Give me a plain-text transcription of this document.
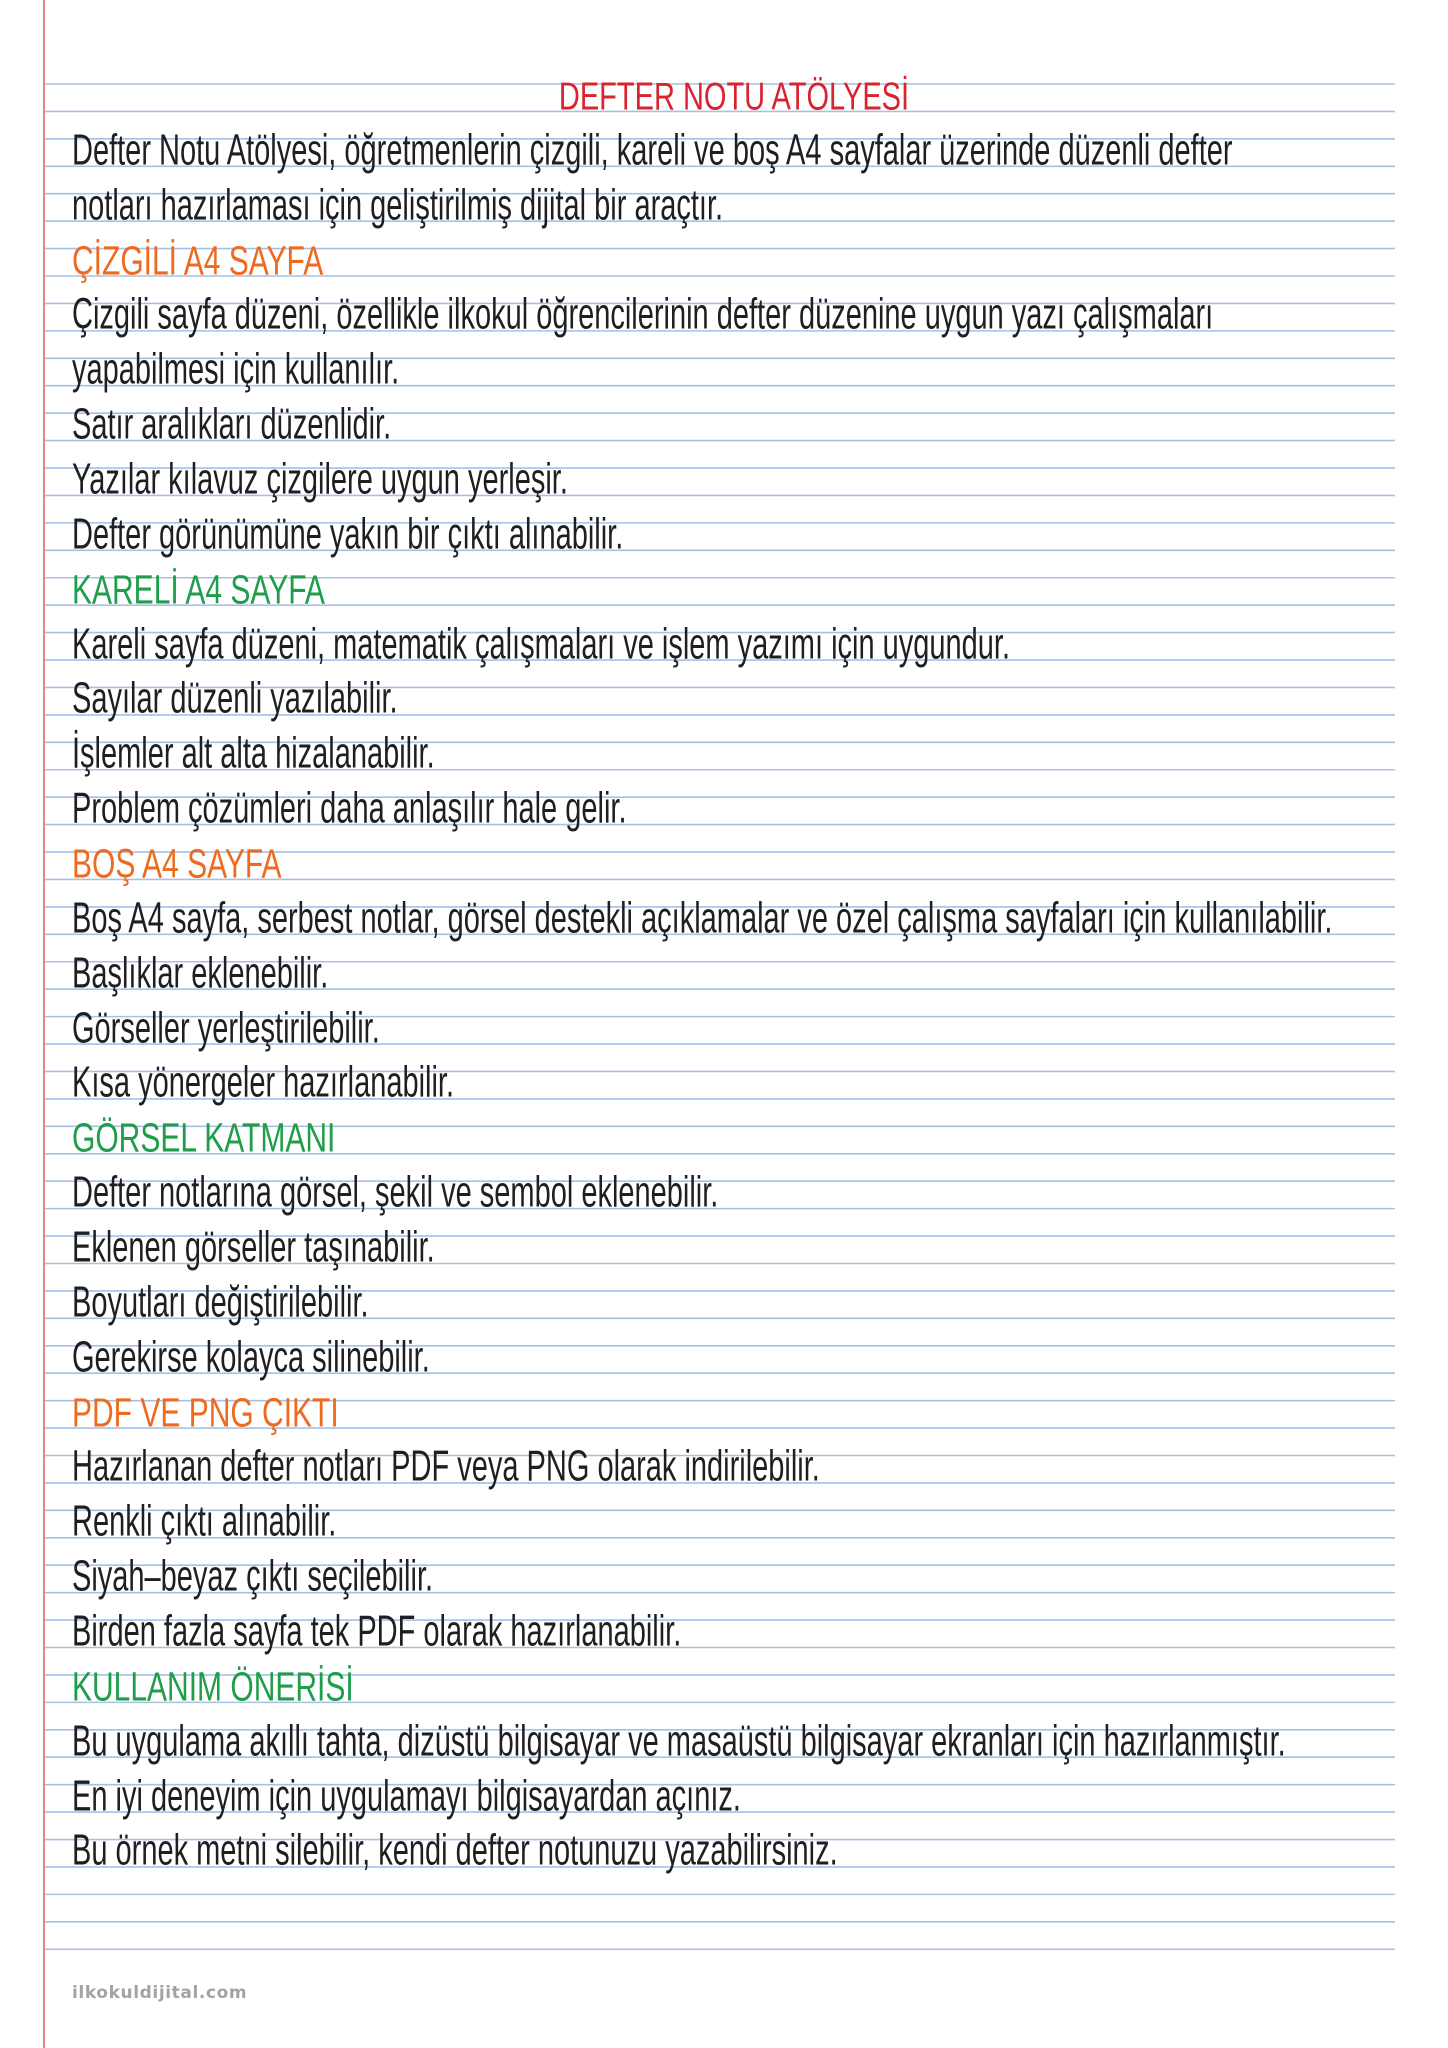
DEFTER NOTU ATÖLYESİ
Defter Notu Atölyesi, öğretmenlerin çizgili, kareli ve boş A4 sayfalar üzerinde düzenli defter
notları hazırlaması için geliştirilmiş dijital bir araçtır.
ÇİZGİLİ A4 SAYFA
Çizgili sayfa düzeni, özellikle ilkokul öğrencilerinin defter düzenine uygun yazı çalışmaları
yapabilmesi için kullanılır.
Satır aralıkları düzenlidir.
Yazılar kılavuz çizgilere uygun yerleşir.
Defter görünümüne yakın bir çıktı alınabilir.
KARELİ A4 SAYFA
Kareli sayfa düzeni, matematik çalışmaları ve işlem yazımı için uygundur.
Sayılar düzenli yazılabilir.
İşlemler alt alta hizalanabilir.
Problem çözümleri daha anlaşılır hale gelir.
BOŞ A4 SAYFA
Boş A4 sayfa, serbest notlar, görsel destekli açıklamalar ve özel çalışma sayfaları için kullanılabilir.
Başlıklar eklenebilir.
Görseller yerleştirilebilir.
Kısa yönergeler hazırlanabilir.
GÖRSEL KATMANI
Defter notlarına görsel, şekil ve sembol eklenebilir.
Eklenen görseller taşınabilir.
Boyutları değiştirilebilir.
Gerekirse kolayca silinebilir.
PDF VE PNG ÇIKTI
Hazırlanan defter notları PDF veya PNG olarak indirilebilir.
Renkli çıktı alınabilir.
Siyah–beyaz çıktı seçilebilir.
Birden fazla sayfa tek PDF olarak hazırlanabilir.
KULLANIM ÖNERİSİ
Bu uygulama akıllı tahta, dizüstü bilgisayar ve masaüstü bilgisayar ekranları için hazırlanmıştır.
En iyi deneyim için uygulamayı bilgisayardan açınız.
Bu örnek metni silebilir, kendi defter notunuzu yazabilirsiniz.
ilkokuldijital.com
